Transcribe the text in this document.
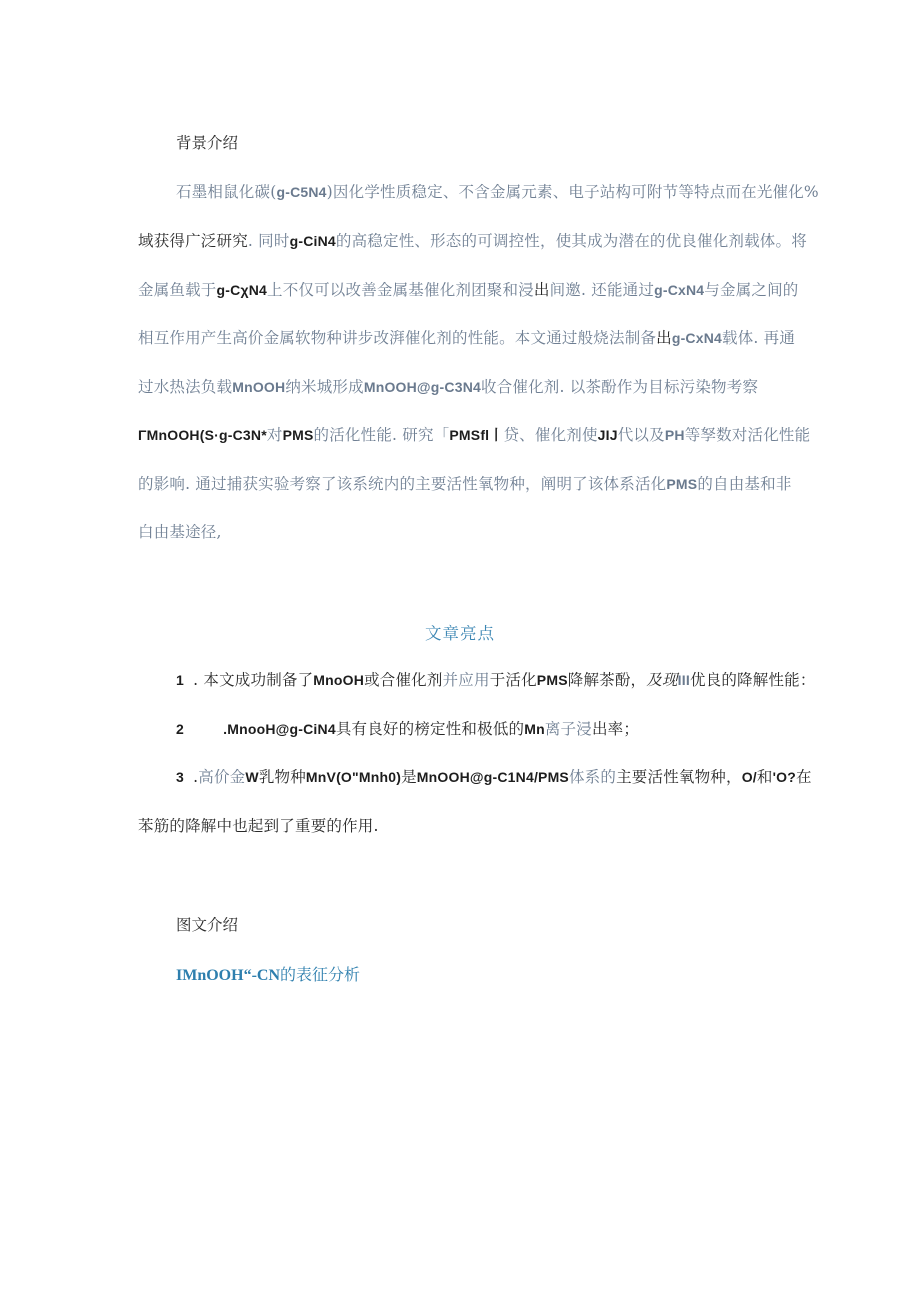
背景介绍
石墨相鼠化碳(g-C5N4)因化学性质稳定、不含金属元素、电子站构可附节等特点而在光催化%
域获得广泛研究. 同时g-CiN4的高稳定性、形态的可调控性，使其成为潜在的优良催化剂载体。将
金属鱼载于g-CχN4上不仅可以改善金属基催化剂团聚和浸出间邀. 还能通过g-CxN4与金属之间的
相互作用产生高价金属软物种讲步改湃催化剂的性能。本文通过般烧法制备出g-CxN4载体. 再通
过水热法负载MnOOH纳米城形成MnOOH@g-C3N4收合催化剂. 以茶酚作为目标污染物考察
ΓMnOOH(S·g-C3N*对PMS的活化性能. 研究「PMSfl丨贷、催化剂使JIJ代以及PH等孥数对活化性能
的影响. 通过捕获实验考察了该系统内的主要活性氧物种，阐明了该体系活化PMS的自由基和非
白由基途径,
文章亮点
1 . 本文成功制备了MnoOH或合催化剂并应用于活化PMS降解茶酚，及现III优良的降解性能：
2	.MnooH@g-CiN4具有良好的榜定性和极低的Mn离子浸出率；
3 .高价金W乳物种MnV(O"Mnh0)是MnOOH@g-C1N4/PMS体系的主要活性氧物种，O/和'O?在
苯筋的降解中也起到了重要的作用.
图文介绍
IMnOOH“-CN的表征分析
